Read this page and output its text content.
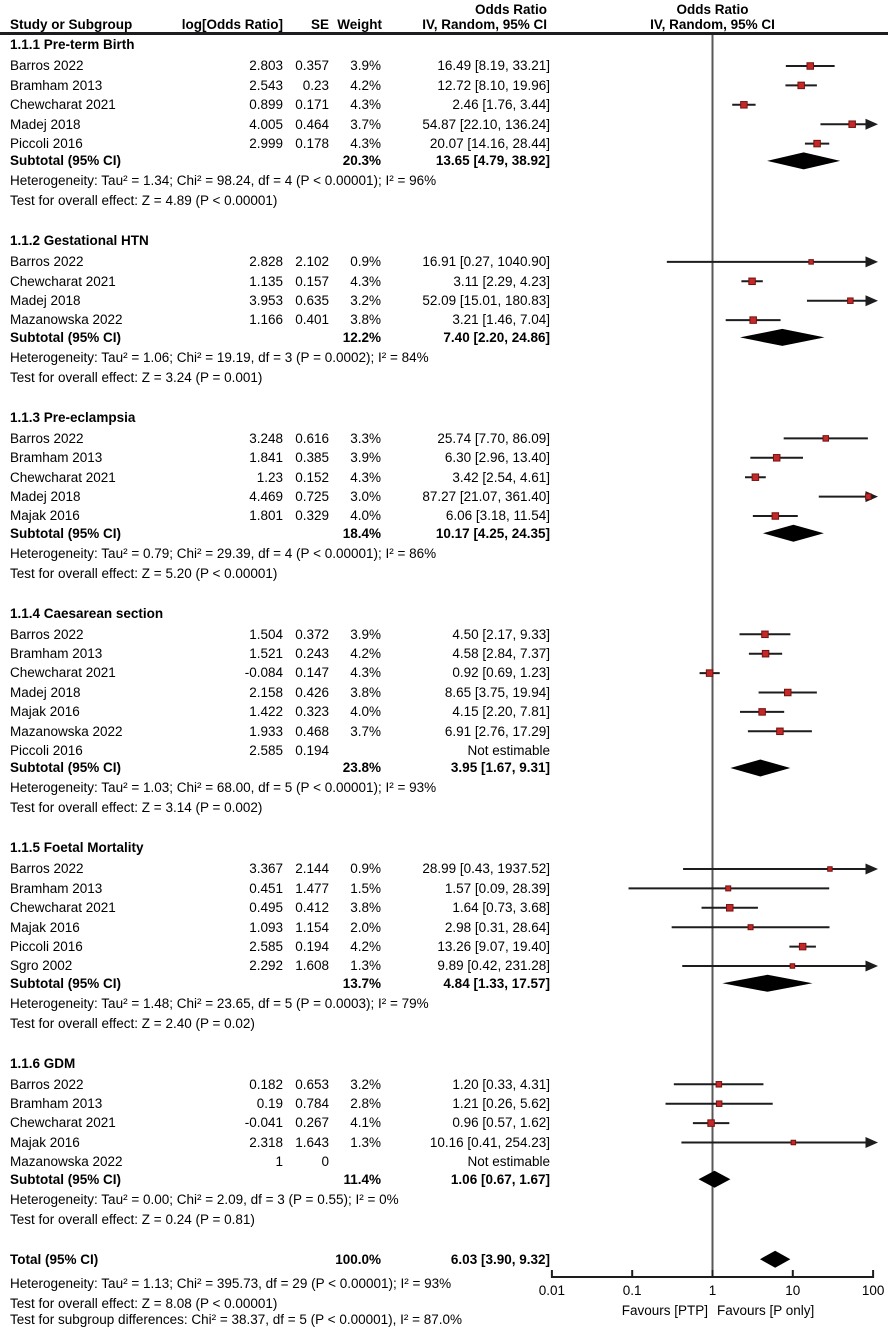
Odds Ratio	Odds Ratio
Study or Subgroup	log[Odds Ratio] SE Weight	IV, Random, 95% CI	IV, Random, 95% CI
0.01	0.1	1	10	100
Favours [PTP] Favours [P only]
1.1.1 Pre-term Birth
Barros 2022	2.803 0.357 3.9%	16.49 [8.19, 33.21]
Bramham 2013	2.543 0.23 4.2%	12.72 [8.10, 19.96]
Chewcharat 2021	0.899 0.171 4.3%	2.46 [1.76, 3.44]
Madej 2018	4.005 0.464 3.7%	54.87 [22.10, 136.24]
Piccoli 2016	2.999 0.178 4.3%	20.07 [14.16, 28.44]
Subtotal (95% CI)	20.3%	13.65 [4.79, 38.92]
Heterogeneity: Tau² = 1.34; Chi² = 98.24, df = 4 (P < 0.00001); I² = 96%
Test for overall effect: Z = 4.89 (P < 0.00001)
1.1.2 Gestational HTN
Barros 2022	2.828 2.102 0.9%	16.91 [0.27, 1040.90]
Chewcharat 2021	1.135 0.157 4.3%	3.11 [2.29, 4.23]
Madej 2018	3.953 0.635 3.2%	52.09 [15.01, 180.83]
Mazanowska 2022	1.166 0.401 3.8%	3.21 [1.46, 7.04]
Subtotal (95% CI)	12.2%	7.40 [2.20, 24.86]
Heterogeneity: Tau² = 1.06; Chi² = 19.19, df = 3 (P = 0.0002); I² = 84%
Test for overall effect: Z = 3.24 (P = 0.001)
1.1.3 Pre-eclampsia
Barros 2022	3.248 0.616 3.3%	25.74 [7.70, 86.09]
Bramham 2013	1.841 0.385 3.9%	6.30 [2.96, 13.40]
Chewcharat 2021	1.23 0.152 4.3%	3.42 [2.54, 4.61]
Madej 2018	4.469 0.725 3.0%	87.27 [21.07, 361.40]
Majak 2016	1.801 0.329 4.0%	6.06 [3.18, 11.54]
Subtotal (95% CI)	18.4%	10.17 [4.25, 24.35]
Heterogeneity: Tau² = 0.79; Chi² = 29.39, df = 4 (P < 0.00001); I² = 86%
Test for overall effect: Z = 5.20 (P < 0.00001)
1.1.4 Caesarean section
Barros 2022	1.504 0.372 3.9%	4.50 [2.17, 9.33]
Bramham 2013	1.521 0.243 4.2%	4.58 [2.84, 7.37]
Chewcharat 2021	-0.084 0.147 4.3%	0.92 [0.69, 1.23]
Madej 2018	2.158 0.426 3.8%	8.65 [3.75, 19.94]
Majak 2016	1.422 0.323 4.0%	4.15 [2.20, 7.81]
Mazanowska 2022	1.933 0.468 3.7%	6.91 [2.76, 17.29]
Piccoli 2016	2.585 0.194	Not estimable
Subtotal (95% CI)	23.8%	3.95 [1.67, 9.31]
Heterogeneity: Tau² = 1.03; Chi² = 68.00, df = 5 (P < 0.00001); I² = 93%
Test for overall effect: Z = 3.14 (P = 0.002)
1.1.5 Foetal Mortality
Barros 2022	3.367 2.144 0.9%	28.99 [0.43, 1937.52]
Bramham 2013	0.451 1.477 1.5%	1.57 [0.09, 28.39]
Chewcharat 2021	0.495 0.412 3.8%	1.64 [0.73, 3.68]
Majak 2016	1.093 1.154 2.0%	2.98 [0.31, 28.64]
Piccoli 2016	2.585 0.194 4.2%	13.26 [9.07, 19.40]
Sgro 2002	2.292 1.608 1.3%	9.89 [0.42, 231.28]
Subtotal (95% CI)	13.7%	4.84 [1.33, 17.57]
Heterogeneity: Tau² = 1.48; Chi² = 23.65, df = 5 (P = 0.0003); I² = 79%
Test for overall effect: Z = 2.40 (P = 0.02)
1.1.6 GDM
Barros 2022	0.182 0.653 3.2%	1.20 [0.33, 4.31]
Bramham 2013	0.19 0.784 2.8%	1.21 [0.26, 5.62]
Chewcharat 2021	-0.041 0.267 4.1%	0.96 [0.57, 1.62]
Majak 2016	2.318 1.643 1.3%	10.16 [0.41, 254.23]
Mazanowska 2022	1	0	Not estimable
Subtotal (95% CI)	11.4%	1.06 [0.67, 1.67]
Heterogeneity: Tau² = 0.00; Chi² = 2.09, df = 3 (P = 0.55); I² = 0%
Test for overall effect: Z = 0.24 (P = 0.81)
Total (95% CI)	100.0%	6.03 [3.90, 9.32]
Heterogeneity: Tau² = 1.13; Chi² = 395.73, df = 29 (P < 0.00001); I² = 93%
Test for overall effect: Z = 8.08 (P < 0.00001)
Test for subgroup differences: Chi² = 38.37, df = 5 (P < 0.00001), I² = 87.0%
